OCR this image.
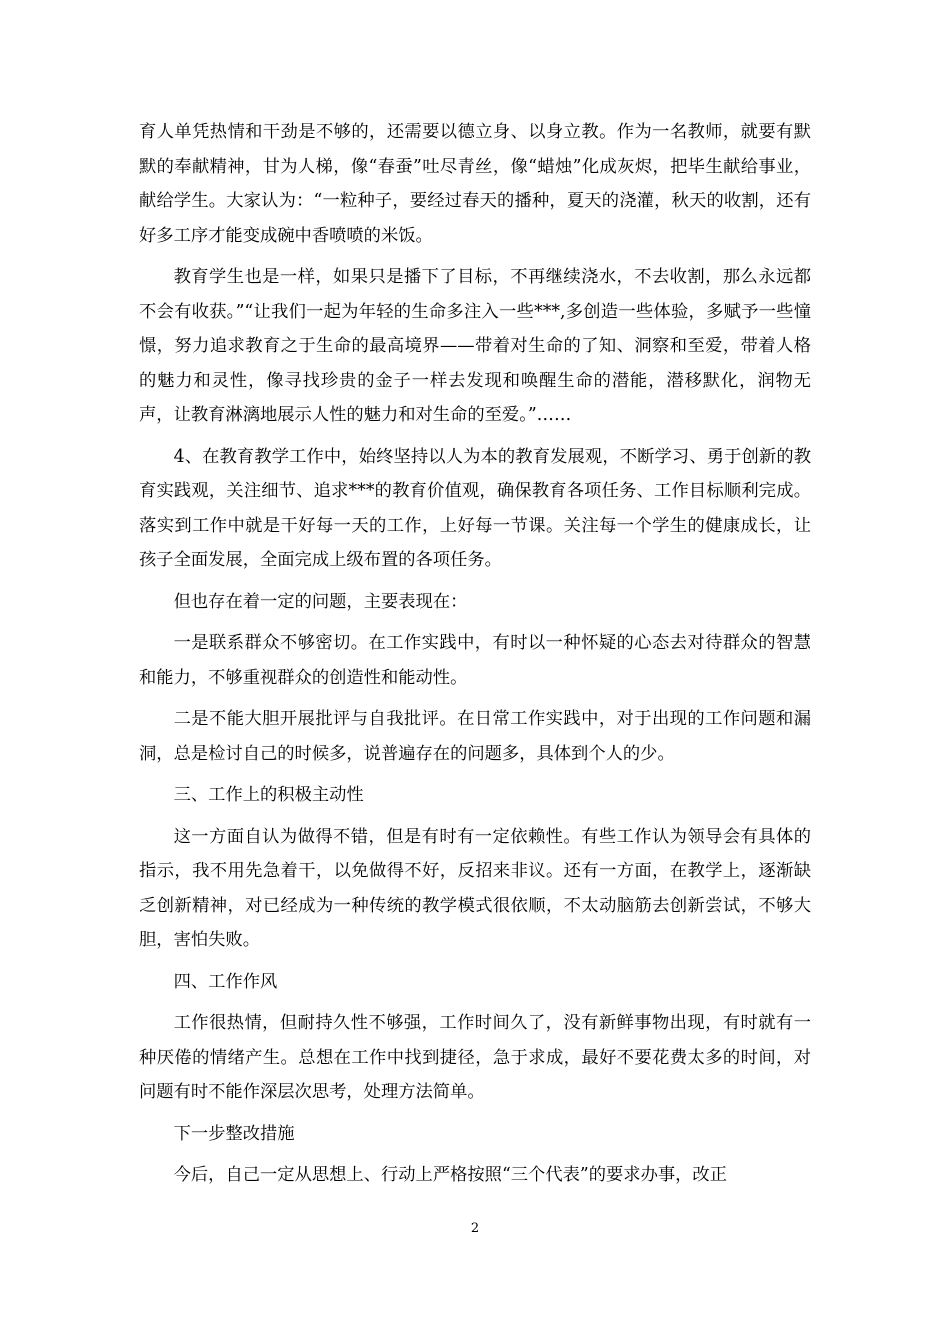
育人单凭热情和干劲是不够的，还需要以德立身、以身立教。作为一名教师，就要有默默的奉献精神，甘为人梯，像“春蚕”吐尽青丝，像“蜡烛”化成灰烬，把毕生献给事业，献给学生。大家认为：“一粒种子，要经过春天的播种，夏天的浇灌，秋天的收割，还有好多工序才能变成碗中香喷喷的米饭。

教育学生也是一样，如果只是播下了目标，不再继续浇水，不去收割，那么永远都不会有收获。”“让我们一起为年轻的生命多注入一些***,多创造一些体验，多赋予一些憧憬，努力追求教育之于生命的最高境界——带着对生命的了知、洞察和至爱，带着人格的魅力和灵性，像寻找珍贵的金子一样去发现和唤醒生命的潜能，潜移默化，润物无声，让教育淋漓地展示人性的魅力和对生命的至爱。”……

4、在教育教学工作中，始终坚持以人为本的教育发展观，不断学习、勇于创新的教育实践观，关注细节、追求***的教育价值观，确保教育各项任务、工作目标顺利完成。落实到工作中就是干好每一天的工作，上好每一节课。关注每一个学生的健康成长，让孩子全面发展，全面完成上级布置的各项任务。

但也存在着一定的问题，主要表现在：

一是联系群众不够密切。在工作实践中，有时以一种怀疑的心态去对待群众的智慧和能力，不够重视群众的创造性和能动性。

二是不能大胆开展批评与自我批评。在日常工作实践中，对于出现的工作问题和漏洞，总是检讨自己的时候多，说普遍存在的问题多，具体到个人的少。

三、工作上的积极主动性

这一方面自认为做得不错，但是有时有一定依赖性。有些工作认为领导会有具体的指示，我不用先急着干，以免做得不好，反招来非议。还有一方面，在教学上，逐渐缺乏创新精神，对已经成为一种传统的教学模式很依顺，不太动脑筋去创新尝试，不够大胆，害怕失败。

四、工作作风

工作很热情，但耐持久性不够强，工作时间久了，没有新鲜事物出现，有时就有一种厌倦的情绪产生。总想在工作中找到捷径，急于求成，最好不要花费太多的时间，对问题有时不能作深层次思考，处理方法简单。

下一步整改措施

今后，自己一定从思想上、行动上严格按照“三个代表”的要求办事，改正

2
